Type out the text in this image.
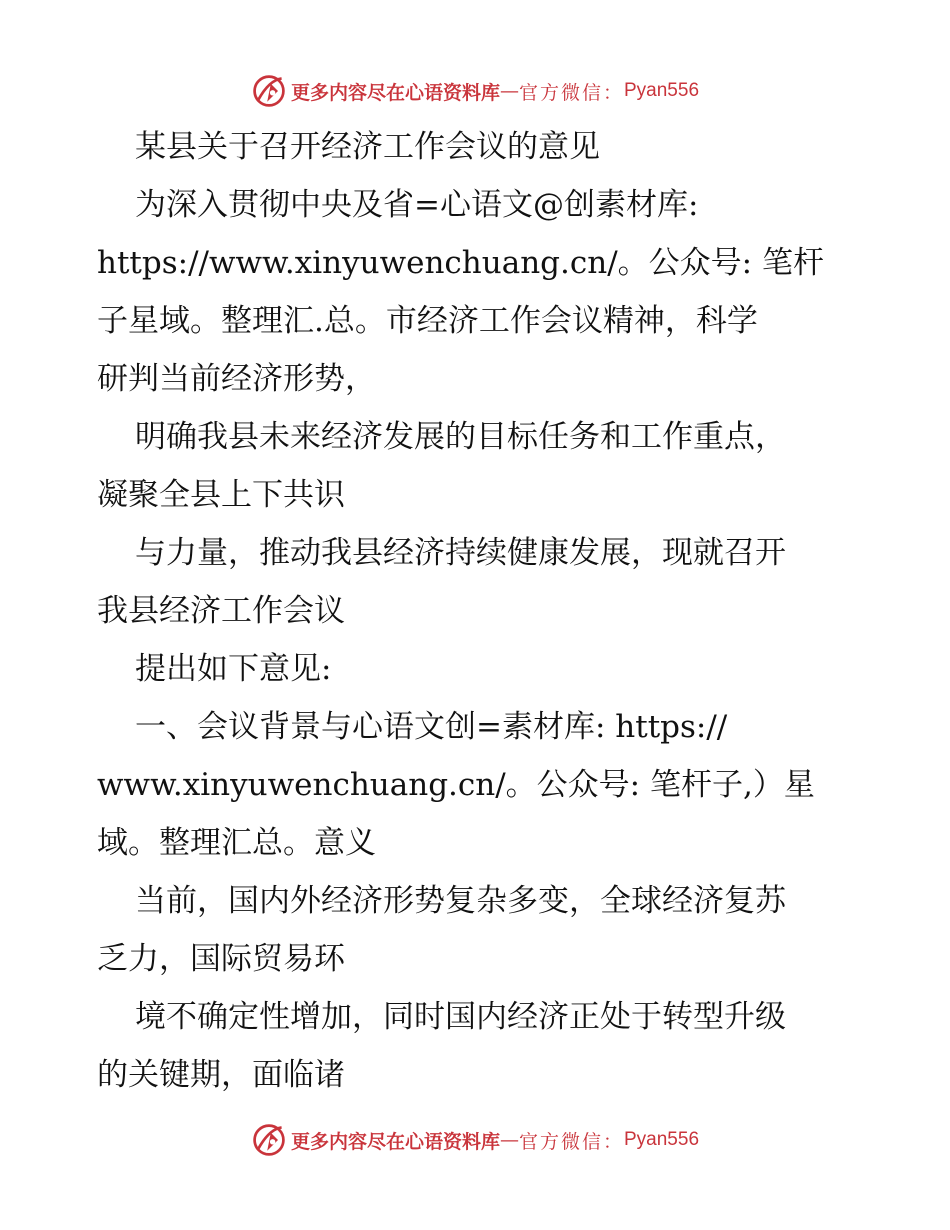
更多内容尽在心语资料库 — 官方微信： Pyan556

某县关于召开经济工作会议的意见

为深入贯彻中央及省=心语文@创素材库:
https://www.xinyuwenchuang.cn/。公众号: 笔杆
子星域。整理汇.总。市经济工作会议精神，科学
研判当前经济形势，

明确我县未来经济发展的目标任务和工作重点，
凝聚全县上下共识

与力量，推动我县经济持续健康发展，现就召开
我县经济工作会议

提出如下意见:

一、会议背景与心语文创=素材库: https://
www.xinyuwenchuang.cn/。公众号: 笔杆子,）星
域。整理汇总。意义

当前，国内外经济形势复杂多变，全球经济复苏
乏力，国际贸易环

境不确定性增加，同时国内经济正处于转型升级
的关键期，面临诸

更多内容尽在心语资料库 — 官方微信： Pyan556
